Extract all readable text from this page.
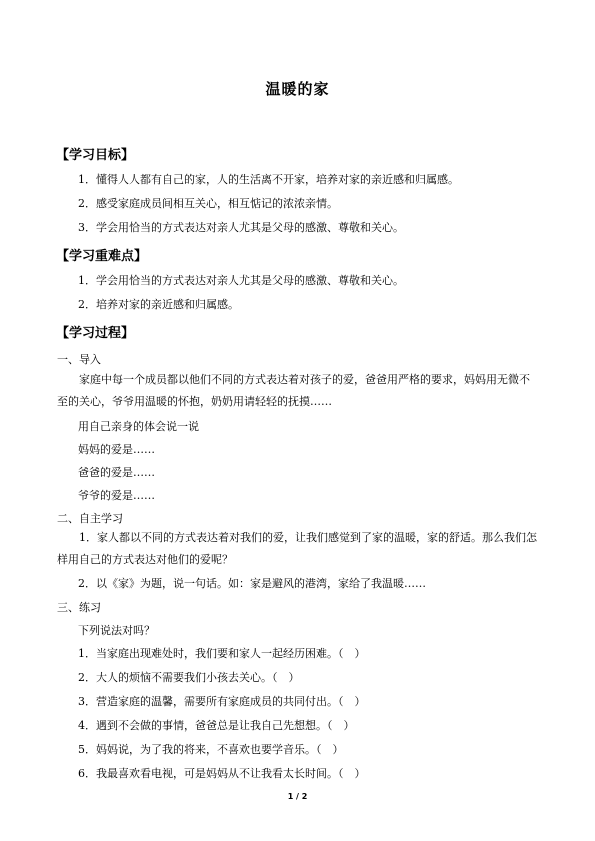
温暖的家
【学习目标】
1．懂得人人都有自己的家，人的生活离不开家，培养对家的亲近感和归属感。
2．感受家庭成员间相互关心，相互惦记的浓浓亲情。
3．学会用恰当的方式表达对亲人尤其是父母的感激、尊敬和关心。
【学习重难点】
1．学会用恰当的方式表达对亲人尤其是父母的感激、尊敬和关心。
2．培养对家的亲近感和归属感。
【学习过程】
一、导入
家庭中每一个成员都以他们不同的方式表达着对孩子的爱，爸爸用严格的要求，妈妈用无微不至的关心，爷爷用温暖的怀抱，奶奶用请轻轻的抚摸……
用自己亲身的体会说一说
妈妈的爱是……
爸爸的爱是……
爷爷的爱是……
二、自主学习
1．家人都以不同的方式表达着对我们的爱，让我们感觉到了家的温暖，家的舒适。那么我们怎样用自己的方式表达对他们的爱呢？
2．以《家》为题，说一句话。如：家是避风的港湾，家给了我温暖……
三、练习
下列说法对吗？
1．当家庭出现难处时，我们要和家人一起经历困难。（　）
2．大人的烦恼不需要我们小孩去关心。（　）
3．营造家庭的温馨，需要所有家庭成员的共同付出。（　）
4．遇到不会做的事情，爸爸总是让我自己先想想。（　）
5．妈妈说，为了我的将来，不喜欢也要学音乐。（　）
6．我最喜欢看电视，可是妈妈从不让我看太长时间。（　）
1 / 2
